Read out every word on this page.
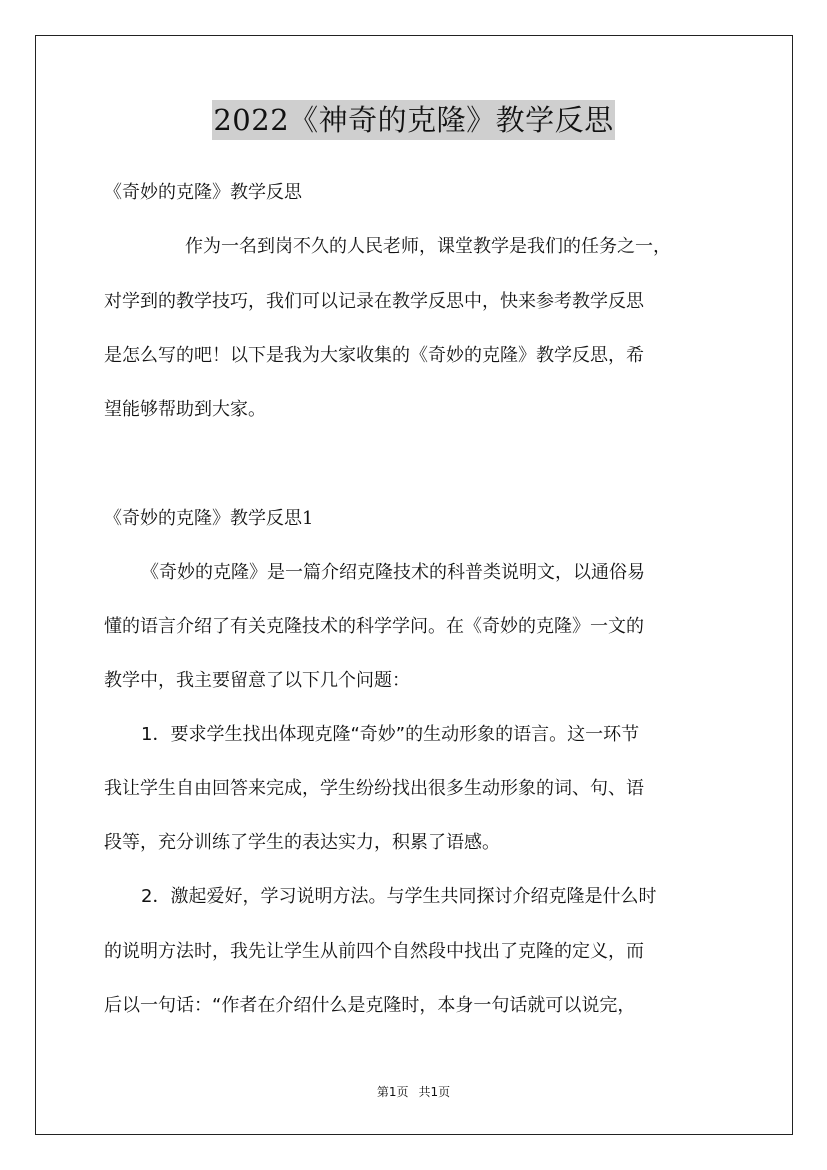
2022《神奇的克隆》教学反思
《奇妙的克隆》教学反思
作为一名到岗不久的人民老师，课堂教学是我们的任务之一，
对学到的教学技巧，我们可以记录在教学反思中，快来参考教学反思
是怎么写的吧！以下是我为大家收集的《奇妙的克隆》教学反思，希
望能够帮助到大家。
《奇妙的克隆》教学反思1
《奇妙的克隆》是一篇介绍克隆技术的科普类说明文，以通俗易
懂的语言介绍了有关克隆技术的科学学问。在《奇妙的克隆》一文的
教学中，我主要留意了以下几个问题：
1．要求学生找出体现克隆“奇妙”的生动形象的语言。这一环节
我让学生自由回答来完成，学生纷纷找出很多生动形象的词、句、语
段等，充分训练了学生的表达实力，积累了语感。
2．激起爱好，学习说明方法。与学生共同探讨介绍克隆是什么时
的说明方法时，我先让学生从前四个自然段中找出了克隆的定义，而
后以一句话：“作者在介绍什么是克隆时，本身一句话就可以说完，
第1页 共1页
